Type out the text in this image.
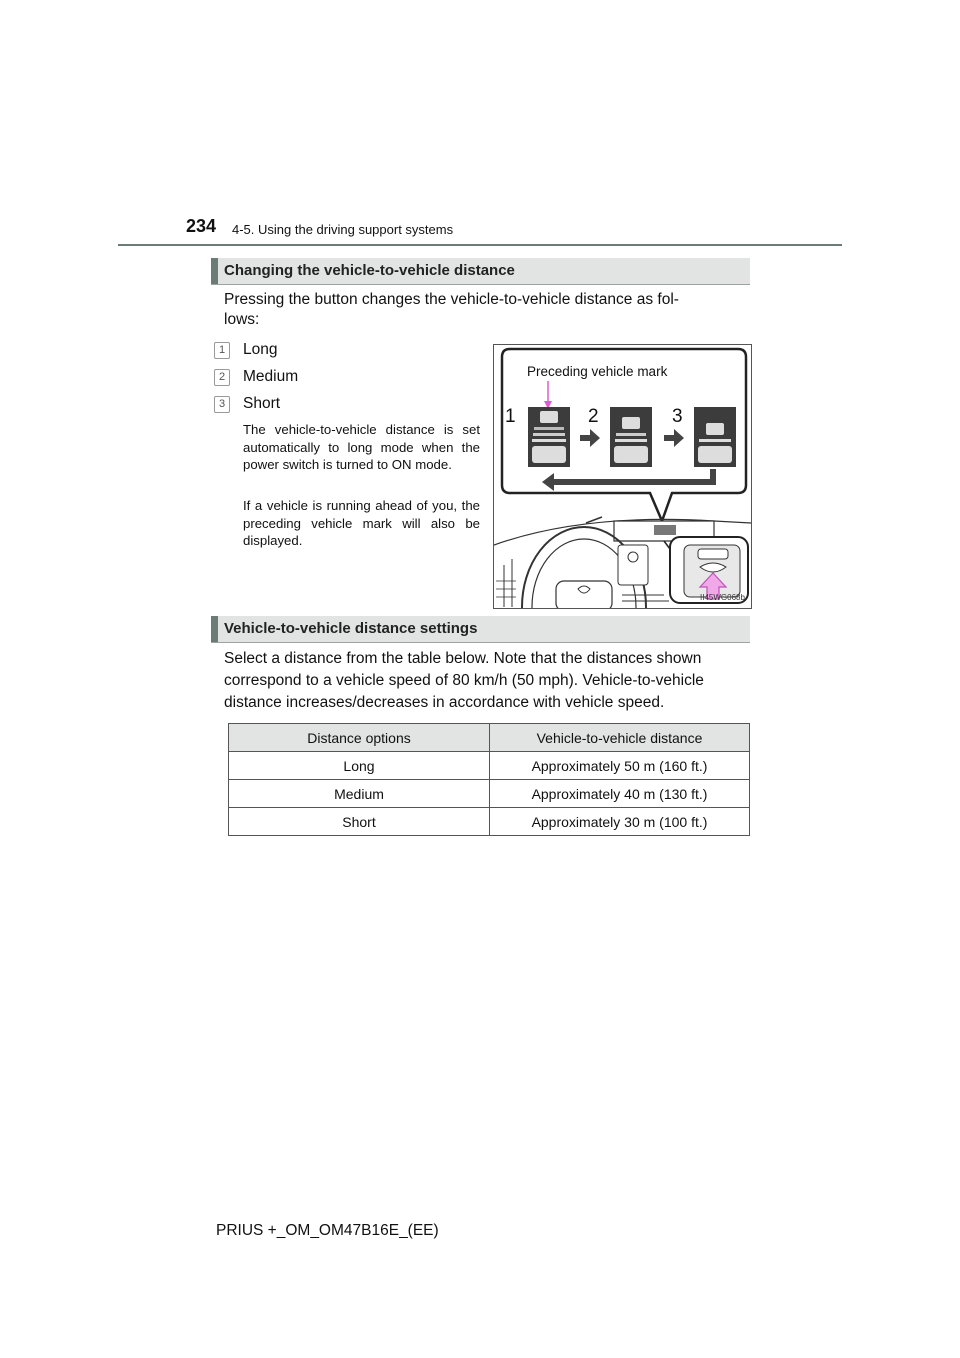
234 4-5. Using the driving support systems
Changing the vehicle-to-vehicle distance
Pressing the button changes the vehicle-to-vehicle distance as fol-
lows:
1	Long
2	Medium
3	Short
The vehicle-to-vehicle distance is set automatically to long mode when the power switch is turned to ON mode.
If a vehicle is running ahead of you, the preceding vehicle mark will also be displayed.
Preceding vehicle mark
1	2	3
II45WG068b
Vehicle-to-vehicle distance settings
Select a distance from the table below. Note that the distances shown correspond to a vehicle speed of 80 km/h (50 mph). Vehicle-to-vehicle distance increases/decreases in accordance with vehicle speed.
Distance options	Vehicle-to-vehicle distance
Long	Approximately 50 m (160 ft.)
Medium	Approximately 40 m (130 ft.)
Short	Approximately 30 m (100 ft.)
PRIUS +_OM_OM47B16E_(EE)
